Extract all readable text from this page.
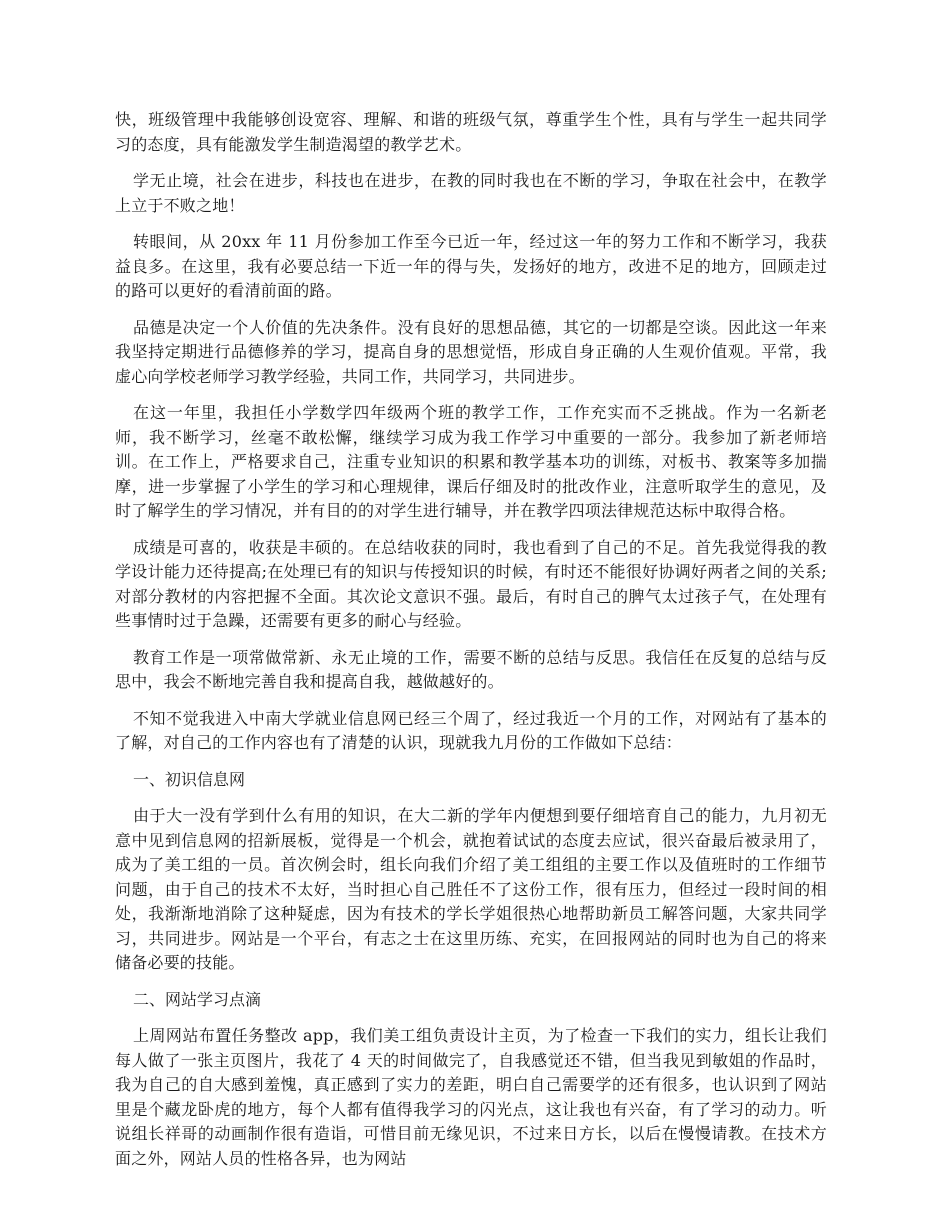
快，班级管理中我能够创设宽容、理解、和谐的班级气氛，尊重学生个性，具有与学生一起共同学习的态度，具有能激发学生制造渴望的教学艺术。

学无止境，社会在进步，科技也在进步，在教的同时我也在不断的学习，争取在社会中，在教学上立于不败之地！

转眼间，从 20xx 年 11 月份参加工作至今已近一年，经过这一年的努力工作和不断学习，我获益良多。在这里，我有必要总结一下近一年的得与失，发扬好的地方，改进不足的地方，回顾走过的路可以更好的看清前面的路。

品德是决定一个人价值的先决条件。没有良好的思想品德，其它的一切都是空谈。因此这一年来我坚持定期进行品德修养的学习，提高自身的思想觉悟，形成自身正确的人生观价值观。平常，我虚心向学校老师学习教学经验，共同工作，共同学习，共同进步。

在这一年里，我担任小学数学四年级两个班的教学工作，工作充实而不乏挑战。作为一名新老师，我不断学习，丝毫不敢松懈，继续学习成为我工作学习中重要的一部分。我参加了新老师培训。在工作上，严格要求自己，注重专业知识的积累和教学基本功的训练，对板书、教案等多加揣摩，进一步掌握了小学生的学习和心理规律，课后仔细及时的批改作业，注意听取学生的意见，及时了解学生的学习情况，并有目的的对学生进行辅导，并在教学四项法律规范达标中取得合格。

成绩是可喜的，收获是丰硕的。在总结收获的同时，我也看到了自己的不足。首先我觉得我的教学设计能力还待提高;在处理已有的知识与传授知识的时候，有时还不能很好协调好两者之间的关系;对部分教材的内容把握不全面。其次论文意识不强。最后，有时自己的脾气太过孩子气，在处理有些事情时过于急躁，还需要有更多的耐心与经验。

教育工作是一项常做常新、永无止境的工作，需要不断的总结与反思。我信任在反复的总结与反思中，我会不断地完善自我和提高自我，越做越好的。

不知不觉我进入中南大学就业信息网已经三个周了，经过我近一个月的工作，对网站有了基本的了解，对自己的工作内容也有了清楚的认识，现就我九月份的工作做如下总结：

一、初识信息网

由于大一没有学到什么有用的知识，在大二新的学年内便想到要仔细培育自己的能力，九月初无意中见到信息网的招新展板，觉得是一个机会，就抱着试试的态度去应试，很兴奋最后被录用了，成为了美工组的一员。首次例会时，组长向我们介绍了美工组组的主要工作以及值班时的工作细节问题，由于自己的技术不太好，当时担心自己胜任不了这份工作，很有压力，但经过一段时间的相处，我渐渐地消除了这种疑虑，因为有技术的学长学姐很热心地帮助新员工解答问题，大家共同学习，共同进步。网站是一个平台，有志之士在这里历练、充实，在回报网站的同时也为自己的将来储备必要的技能。

二、网站学习点滴

上周网站布置任务整改 app，我们美工组负责设计主页，为了检查一下我们的实力，组长让我们每人做了一张主页图片，我花了 4 天的时间做完了，自我感觉还不错，但当我见到敏姐的作品时，我为自己的自大感到羞愧，真正感到了实力的差距，明白自己需要学的还有很多，也认识到了网站里是个藏龙卧虎的地方，每个人都有值得我学习的闪光点，这让我也有兴奋，有了学习的动力。听说组长祥哥的动画制作很有造诣，可惜目前无缘见识，不过来日方长，以后在慢慢请教。在技术方面之外，网站人员的性格各异，也为网站
